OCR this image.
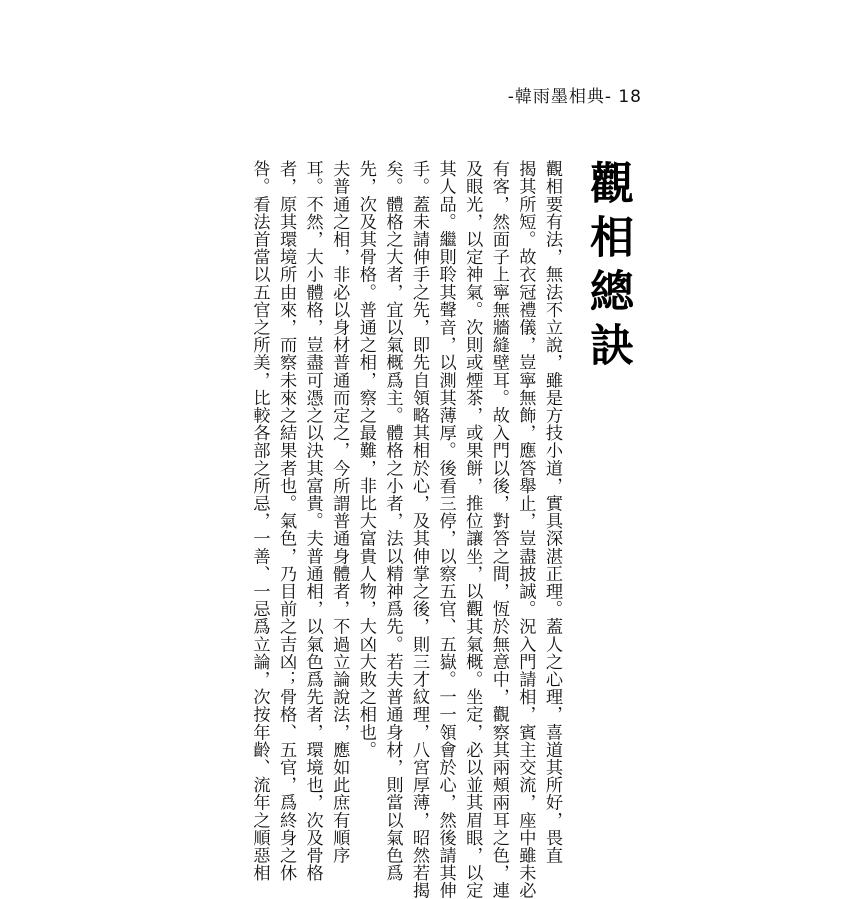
-韓雨墨相典- 18
觀相總訣
觀相要有法，無法不立說，雖是方技小道，實具深湛正理。蓋人之心理，喜道其所好，畏直
揭其所短。故衣冠禮儀，豈寧無飾，應答舉止，豈盡披誠。況入門請相，賓主交流，座中雖未必
有客，然面子上寧無牆縫壁耳。故入門以後，對答之間，恆於無意中，觀察其兩頰兩耳之色，連
及眼光，以定神氣。次則或煙茶，或果餅，推位讓坐，以觀其氣概。坐定，必以並其眉眼，以定
其人品。繼則聆其聲音，以測其薄厚。後看三停，以察五官、五嶽。一一領會於心，然後請其伸
手。蓋未請伸手之先，即先自領略其相於心，及其伸掌之後，則三才紋理，八宮厚薄，昭然若揭
矣。體格之大者，宜以氣概爲主。體格之小者，法以精神爲先。若夫普通身材，則當以氣色爲
先，次及其骨格。普通之相，察之最難，非比大富貴人物，大凶大敗之相也。
夫普通之相，非必以身材普通而定之，今所謂普通身體者，不過立論說法，應如此庶有順序
耳。不然，大小體格，豈盡可憑之以決其富貴。夫普通相，以氣色爲先者，環境也，次及骨格
者，原其環境所由來，而察未來之結果者也。氣色，乃目前之吉凶；骨格、五官，爲終身之休
咎。看法首當以五官之所美，比較各部之所忌，一善、一忌爲立論，次按年齡、流年之順惡相
